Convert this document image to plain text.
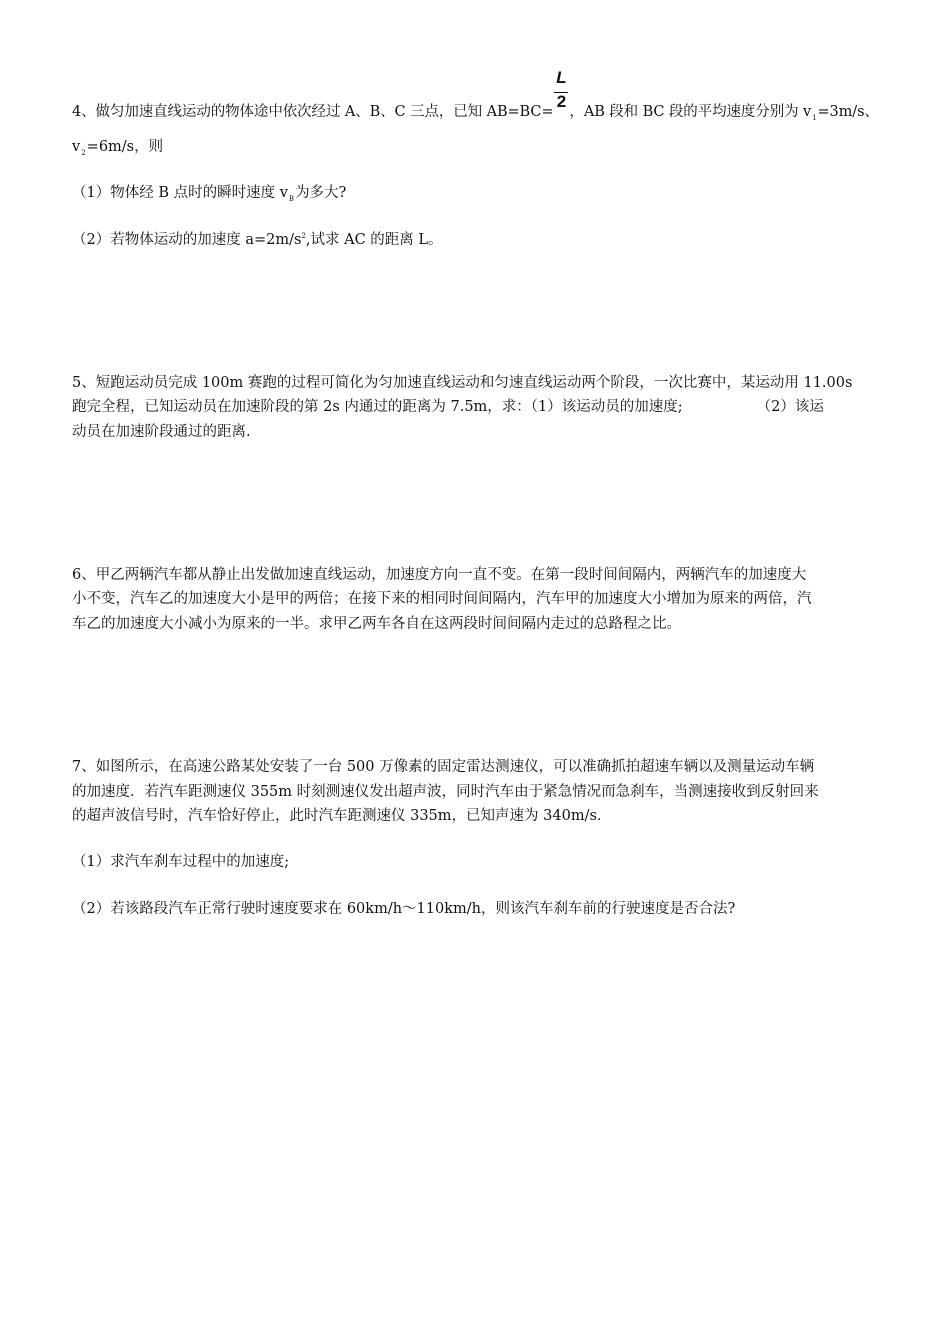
4、做匀加速直线运动的物体途中依次经过 A、B、C 三点，已知 $AB=BC= \frac{L}{2}$ ，AB 段和 BC 段的平均速度分别为 $v_1=3m/s$、
$v_2=6m/s$，则
（1）物体经 B 点时的瞬时速度 $v_B$为多大?
（2）若物体运动的加速度 $a=2m/s^2$,试求 AC 的距离 L。
5、短跑运动员完成 100m 赛跑的过程可简化为匀加速直线运动和匀速直线运动两个阶段，一次比赛中，某运动用 11.00s
跑完全程，已知运动员在加速阶段的第 2s 内通过的距离为 7.5m，求：（1）该运动员的加速度;	（2）该运
动员在加速阶段通过的距离.
6、甲乙两辆汽车都从静止出发做加速直线运动，加速度方向一直不变。在第一段时间间隔内，两辆汽车的加速度大
小不变，汽车乙的加速度大小是甲的两倍；在接下来的相同时间间隔内，汽车甲的加速度大小增加为原来的两倍，汽
车乙的加速度大小减小为原来的一半。求甲乙两车各自在这两段时间间隔内走过的总路程之比。
7、如图所示，在高速公路某处安装了一台 500 万像素的固定雷达测速仪，可以准确抓拍超速车辆以及测量运动车辆
的加速度．若汽车距测速仪 355m 时刻测速仪发出超声波，同时汽车由于紧急情况而急刹车，当测速接收到反射回来
的超声波信号时，汽车恰好停止，此时汽车距测速仪 335m，已知声速为 340m/s．
（1）求汽车刹车过程中的加速度;
（2）若该路段汽车正常行驶时速度要求在 60km/h～110km/h，则该汽车刹车前的行驶速度是否合法?
